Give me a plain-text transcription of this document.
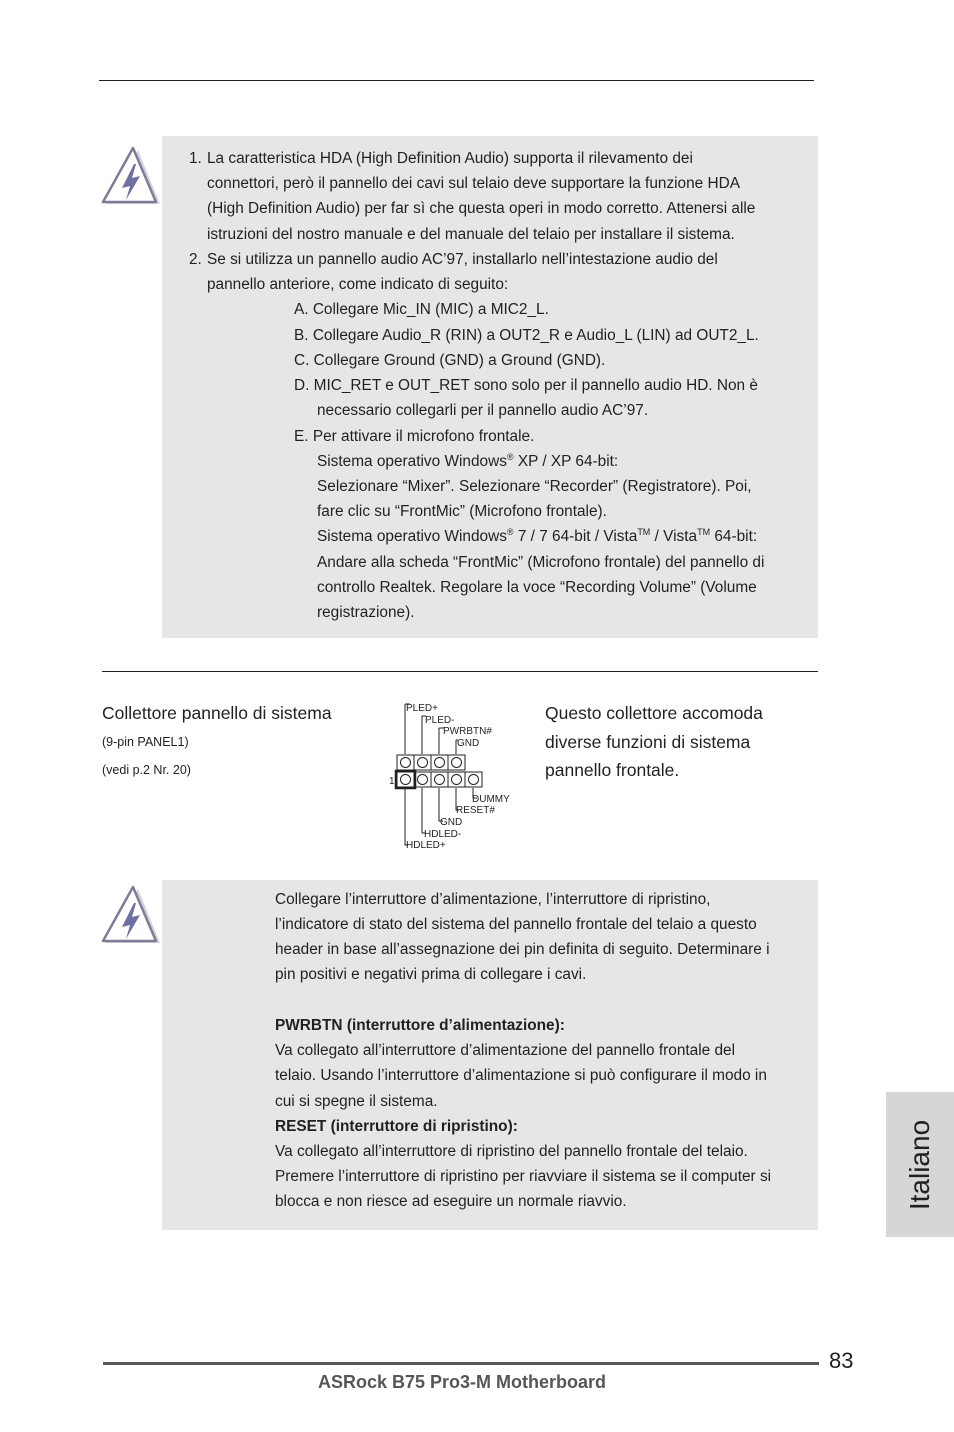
1. La caratteristica HDA (High Definition Audio) supporta il rilevamento dei
connettori, però il pannello dei cavi sul telaio deve supportare la funzione HDA
(High Definition Audio) per far sì che questa operi in modo corretto. Attenersi alle
istruzioni del nostro manuale e del manuale del telaio per installare il sistema.
2. Se si utilizza un pannello audio AC’97, installarlo nell’intestazione audio del
pannello anteriore, come indicato di seguito:
A. Collegare Mic_IN (MIC) a MIC2_L.
B. Collegare Audio_R (RIN) a OUT2_R e Audio_L (LIN) ad OUT2_L.
C. Collegare Ground (GND) a Ground (GND).
D. MIC_RET e OUT_RET sono solo per il pannello audio HD. Non è
necessario collegarli per il pannello audio AC’97.
E. Per attivare il microfono frontale.
Sistema operativo Windows® XP / XP 64-bit:
Selezionare “Mixer”. Selezionare “Recorder” (Registratore). Poi,
fare clic su “FrontMic” (Microfono frontale).
Sistema operativo Windows® 7 / 7 64-bit / Vista™ / Vista™ 64-bit:
Andare alla scheda “FrontMic” (Microfono frontale) del pannello di
controllo Realtek. Regolare la voce “Recording Volume” (Volume
registrazione).
Collettore pannello di sistema
(9-pin PANEL1)
(vedi p.2 Nr. 20)
PLED+
PLED-
PWRBTN#
GND
1
DUMMY
RESET#
GND
HDLED-
HDLED+
Questo collettore accomoda
diverse funzioni di sistema
pannello frontale.
Collegare l’interruttore d’alimentazione, l’interruttore di ripristino,
l’indicatore di stato del sistema del pannello frontale del telaio a questo
header in base all’assegnazione dei pin definita di seguito. Determinare i
pin positivi e negativi prima di collegare i cavi.
PWRBTN (interruttore d’alimentazione):
Va collegato all’interruttore d’alimentazione del pannello frontale del
telaio. Usando l’interruttore d’alimentazione si può configurare il modo in
cui si spegne il sistema.
RESET (interruttore di ripristino):
Va collegato all’interruttore di ripristino del pannello frontale del telaio.
Premere l’interruttore di ripristino per riavviare il sistema se il computer si
blocca e non riesce ad eseguire un normale riavvio.	Italiano
83
ASRock B75 Pro3-M Motherboard
